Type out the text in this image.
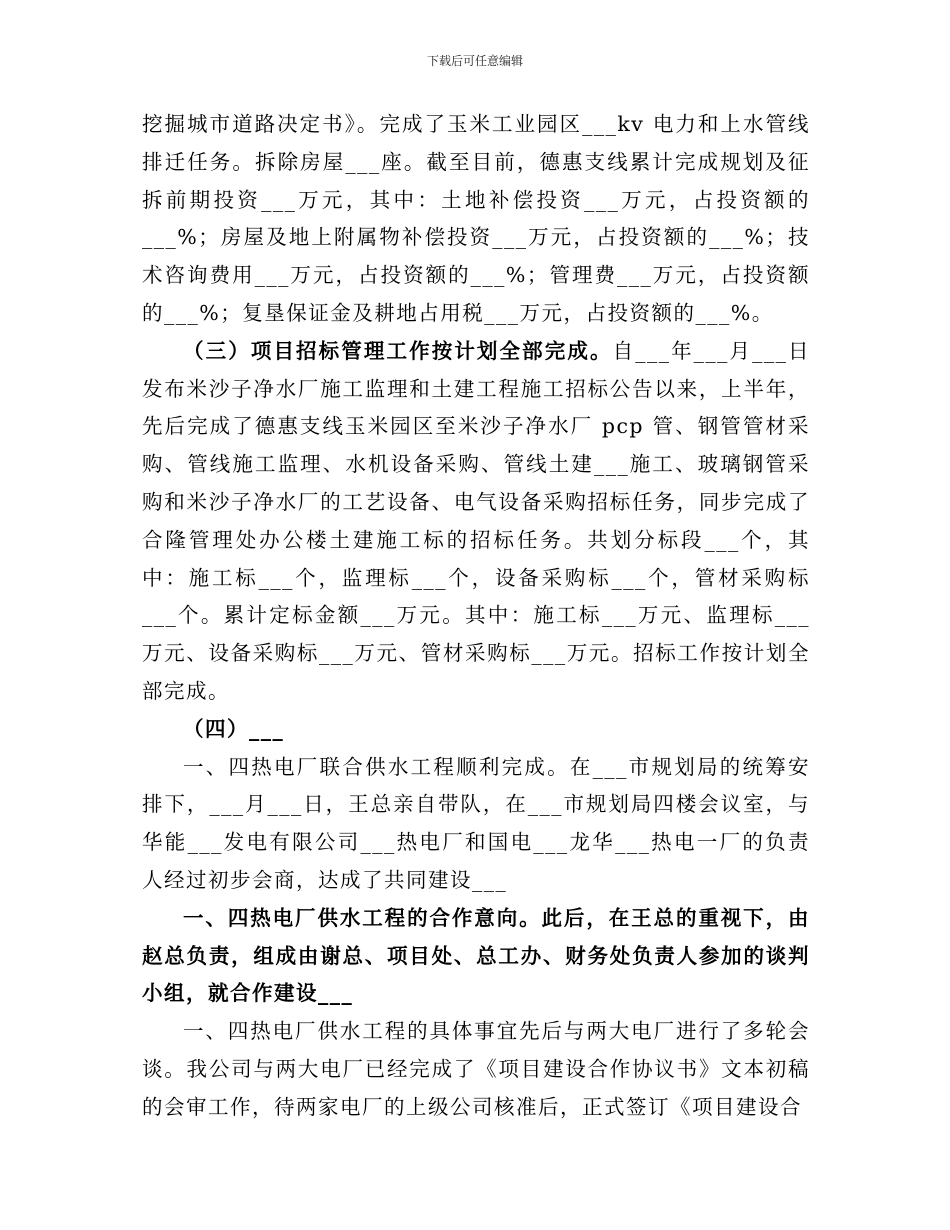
下载后可任意编辑

挖掘城市道路决定书》。完成了玉米工业园区___kv 电力和上水管线排迁任务。拆除房屋___座。截至目前，德惠支线累计完成规划及征拆前期投资___万元，其中：土地补偿投资___万元，占投资额的___%；房屋及地上附属物补偿投资___万元，占投资额的___%；技术咨询费用___万元，占投资额的___%；管理费___万元，占投资额的___%；复垦保证金及耕地占用税___万元，占投资额的___%。

（三）项目招标管理工作按计划全部完成。自___年___月___日发布米沙子净水厂施工监理和土建工程施工招标公告以来，上半年，先后完成了德惠支线玉米园区至米沙子净水厂 pcp 管、钢管管材采购、管线施工监理、水机设备采购、管线土建___施工、玻璃钢管采购和米沙子净水厂的工艺设备、电气设备采购招标任务，同步完成了合隆管理处办公楼土建施工标的招标任务。共划分标段___个，其中：施工标___个，监理标___个，设备采购标___个，管材采购标___个。累计定标金额___万元。其中：施工标___万元、监理标___万元、设备采购标___万元、管材采购标___万元。招标工作按计划全部完成。

（四）___

一、四热电厂联合供水工程顺利完成。在___市规划局的统筹安排下，___月___日，王总亲自带队，在___市规划局四楼会议室，与华能___发电有限公司___热电厂和国电___龙华___热电一厂的负责人经过初步会商，达成了共同建设___

一、四热电厂供水工程的合作意向。此后，在王总的重视下，由赵总负责，组成由谢总、项目处、总工办、财务处负责人参加的谈判小组，就合作建设___

一、四热电厂供水工程的具体事宜先后与两大电厂进行了多轮会谈。我公司与两大电厂已经完成了《项目建设合作协议书》文本初稿的会审工作，待两家电厂的上级公司核准后，正式签订《项目建设合
